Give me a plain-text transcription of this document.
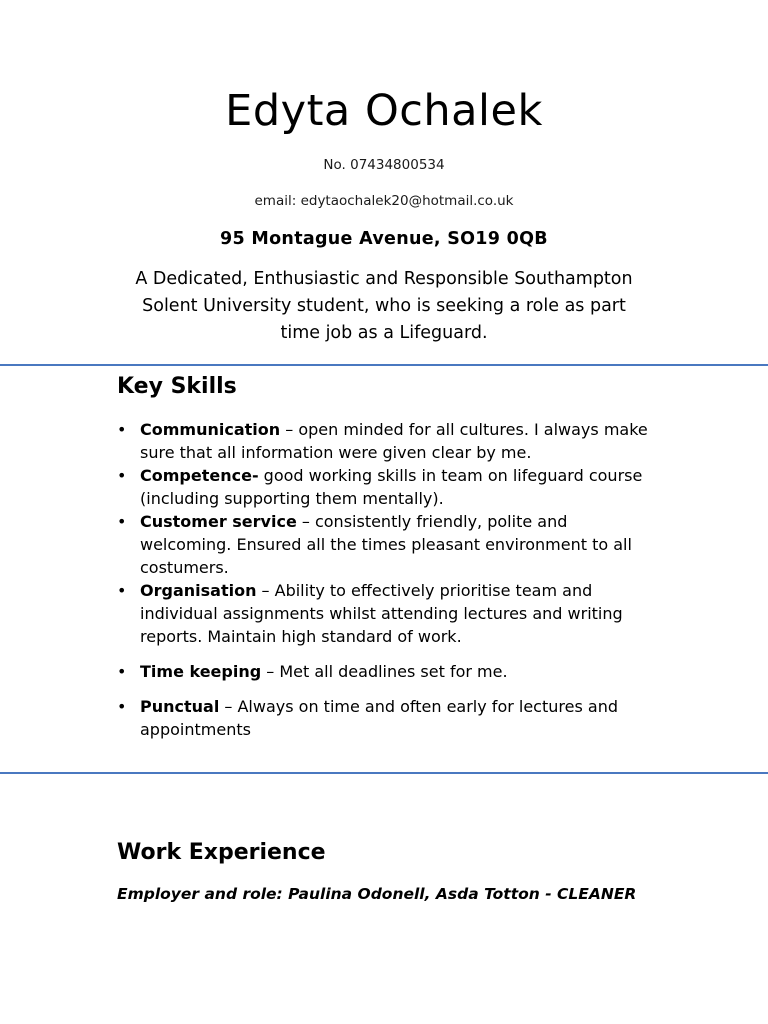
Edyta Ochalek
No. 07434800534
email: edytaochalek20@hotmail.co.uk
95 Montague Avenue, SO19 0QB
A Dedicated, Enthusiastic and Responsible Southampton Solent University student, who is seeking a role as part time job as a Lifeguard.
Key Skills
• Communication – open minded for all cultures. I always make sure that all information were given clear by me.
• Competence- good working skills in team on lifeguard course (including supporting them mentally).
• Customer service – consistently friendly, polite and welcoming. Ensured all the times pleasant environment to all costumers.
• Organisation – Ability to effectively prioritise team and individual assignments whilst attending lectures and writing reports. Maintain high standard of work.
• Time keeping – Met all deadlines set for me.
• Punctual – Always on time and often early for lectures and appointments
Work Experience
Employer and role: Paulina Odonell, Asda Totton - CLEANER
